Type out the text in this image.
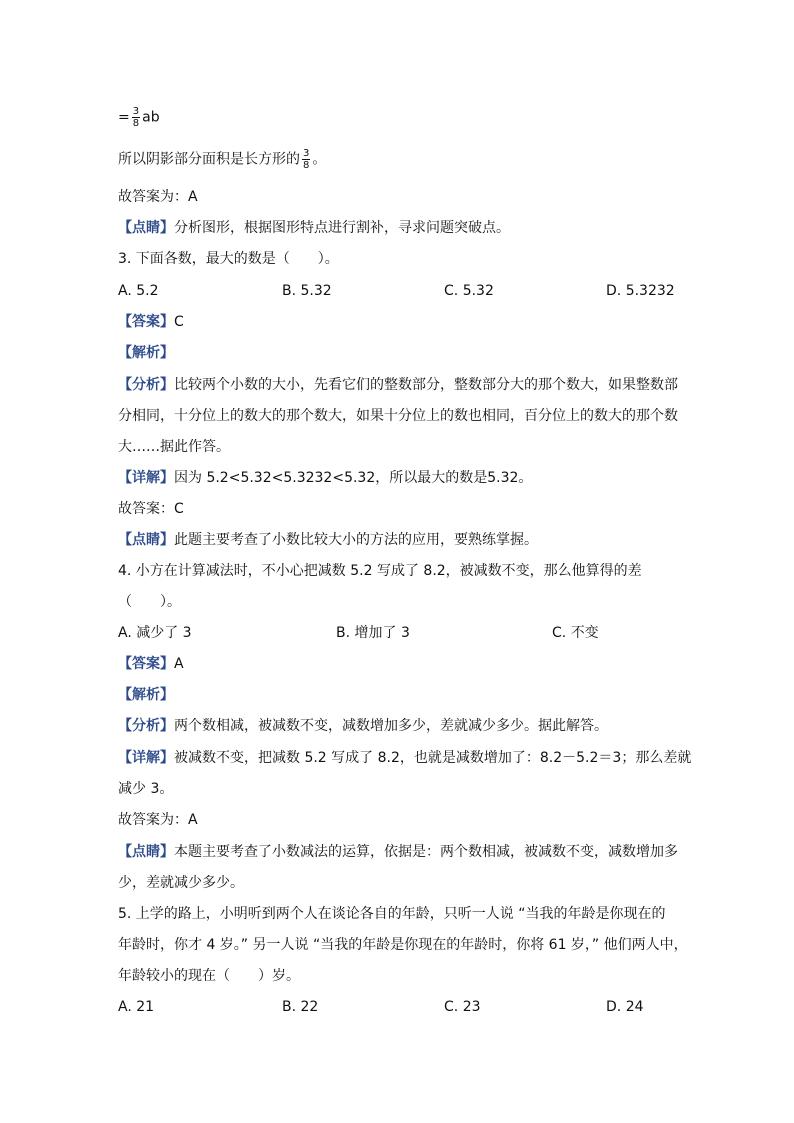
= $\frac{3}{8}$ ab
所以阴影部分面积是长方形的 $\frac{3}{8}$ 。
故答案为：A
【点睛】分析图形，根据图形特点进行割补，寻求问题突破点。
3. 下面各数，最大的数是（　　）。
A. 5.2	B. 5.32	C. 5.32	D. 5.3232
【答案】C
【解析】
【分析】比较两个小数的大小，先看它们的整数部分，整数部分大的那个数大，如果整数部
分相同，十分位上的数大的那个数大，如果十分位上的数也相同，百分位上的数大的那个数
大……据此作答。
【详解】因为 5.2<5.32<5.3232<5.32，所以最大的数是5.32。
故答案：C
【点睛】此题主要考查了小数比较大小的方法的应用，要熟练掌握。
4. 小方在计算减法时，不小心把减数 5.2 写成了 8.2，被减数不变，那么他算得的差
（　　）。
A. 减少了 3	B. 增加了 3	C. 不变
【答案】A
【解析】
【分析】两个数相减，被减数不变，减数增加多少，差就减少多少。据此解答。
【详解】被减数不变，把减数 5.2 写成了 8.2，也就是减数增加了：8.2－5.2＝3；那么差就
减少 3。
故答案为：A
【点睛】本题主要考查了小数减法的运算，依据是：两个数相减，被减数不变，减数增加多
少，差就减少多少。
5. 上学的路上，小明听到两个人在谈论各自的年龄，只听一人说 “当我的年龄是你现在的
年龄时，你才 4 岁。” 另一人说 “当我的年龄是你现在的年龄时，你将 61 岁，” 他们两人中，
年龄较小的现在（　　）岁。
A. 21	B. 22	C. 23	D. 24
